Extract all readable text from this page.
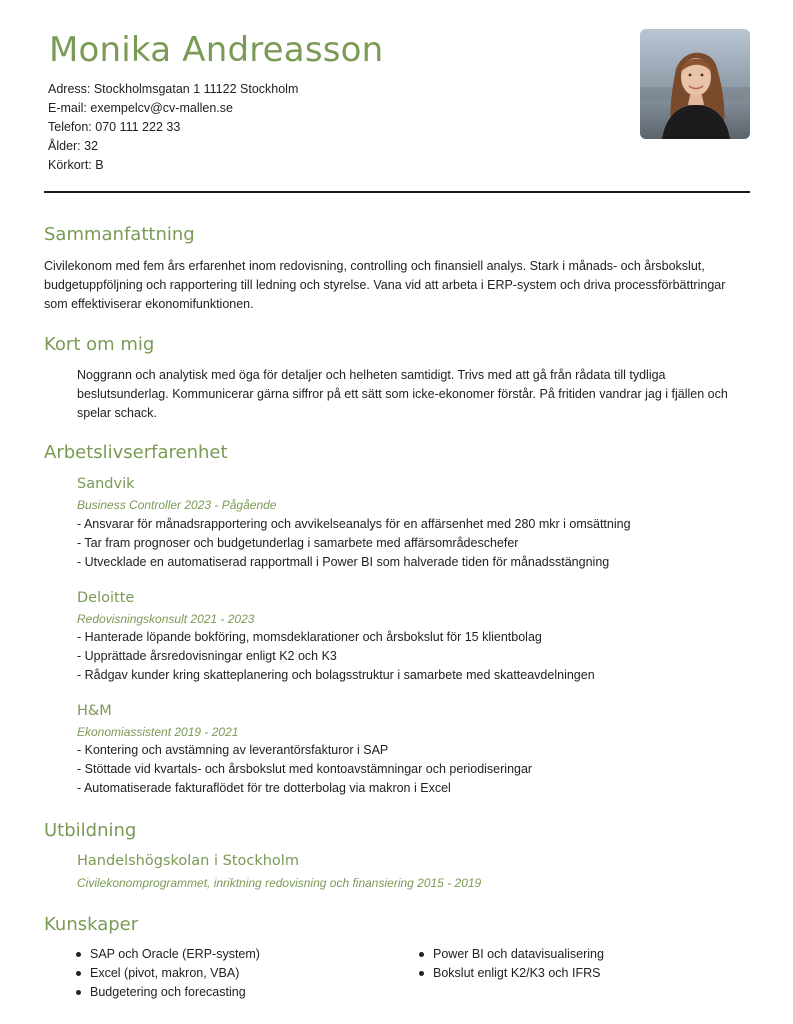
Monika Andreasson
Adress: Stockholmsgatan 1 11122 Stockholm
E-mail: exempelcv@cv-mallen.se
Telefon: 070 111 222 33
Ålder: 32
Körkort: B
Sammanfattning
Civilekonom med fem års erfarenhet inom redovisning, controlling och finansiell analys. Stark i månads- och årsbokslut,
budgetuppföljning och rapportering till ledning och styrelse. Vana vid att arbeta i ERP-system och driva processförbättringar
som effektiviserar ekonomifunktionen.
Kort om mig
Noggrann och analytisk med öga för detaljer och helheten samtidigt. Trivs med att gå från rådata till tydliga
beslutsunderlag. Kommunicerar gärna siffror på ett sätt som icke-ekonomer förstår. På fritiden vandrar jag i fjällen och
spelar schack.
Arbetslivserfarenhet
Sandvik
Business Controller 2023 - Pågående
- Ansvarar för månadsrapportering och avvikelseanalys för en affärsenhet med 280 mkr i omsättning
- Tar fram prognoser och budgetunderlag i samarbete med affärsområdeschefer
- Utvecklade en automatiserad rapportmall i Power BI som halverade tiden för månadsstängning
Deloitte
Redovisningskonsult 2021 - 2023
- Hanterade löpande bokföring, momsdeklarationer och årsbokslut för 15 klientbolag
- Upprättade årsredovisningar enligt K2 och K3
- Rådgav kunder kring skatteplanering och bolagsstruktur i samarbete med skatteavdelningen
H&M
Ekonomiassistent 2019 - 2021
- Kontering och avstämning av leverantörsfakturor i SAP
- Stöttade vid kvartals- och årsbokslut med kontoavstämningar och periodiseringar
- Automatiserade fakturaflödet för tre dotterbolag via makron i Excel
Utbildning
Handelshögskolan i Stockholm
Civilekonomprogrammet, inriktning redovisning och finansiering 2015 - 2019
Kunskaper
SAP och Oracle (ERP-system)
Excel (pivot, makron, VBA)
Budgetering och forecasting
Power BI och datavisualisering
Bokslut enligt K2/K3 och IFRS
